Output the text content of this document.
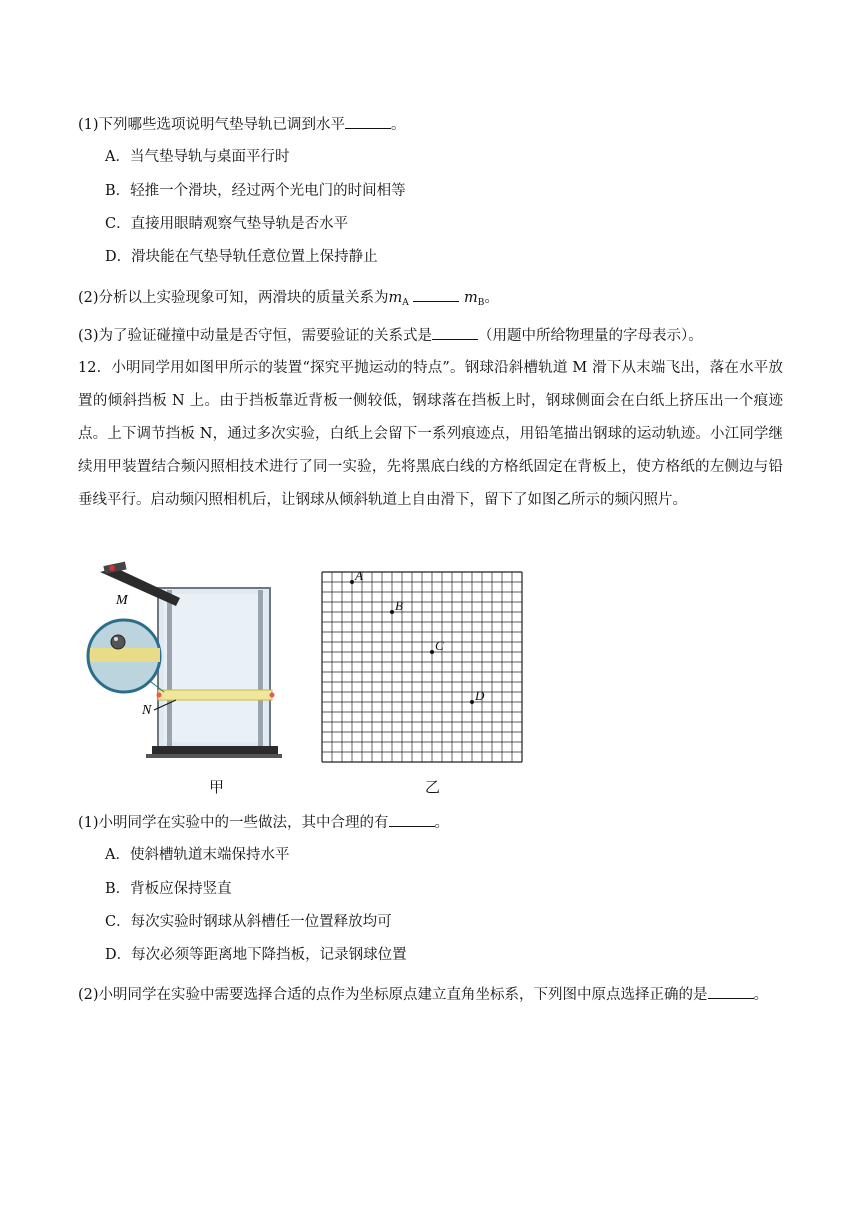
(1)下列哪些选项说明气垫导轨已调到水平	。
A．当气垫导轨与桌面平行时
B．轻推一个滑块，经过两个光电门的时间相等
C．直接用眼睛观察气垫导轨是否水平
D．滑块能在气垫导轨任意位置上保持静止
(2)分析以上实验现象可知，两滑块的质量关系为$m_A$	$m_B$。
(3)为了验证碰撞中动量是否守恒，需要验证的关系式是	（用题中所给物理量的字母表示）。
12．小明同学用如图甲所示的装置“探究平抛运动的特点”。钢球沿斜槽轨道 M 滑下从末端飞出，落在水平放置的倾斜挡板 N 上。由于挡板靠近背板一侧较低，钢球落在挡板上时，钢球侧面会在白纸上挤压出一个痕迹点。上下调节挡板 N，通过多次实验，白纸上会留下一系列痕迹点，用铅笔描出钢球的运动轨迹。小江同学继续用甲装置结合频闪照相技术进行了同一实验，先将黑底白线的方格纸固定在背板上，使方格纸的左侧边与铅垂线平行。启动频闪照相机后，让钢球从倾斜轨道上自由滑下，留下了如图乙所示的频闪照片。
M
N
甲
A
B
C
D
乙
(1)小明同学在实验中的一些做法，其中合理的有	。
A．使斜槽轨道末端保持水平
B．背板应保持竖直
C．每次实验时钢球从斜槽任一位置释放均可
D．每次必须等距离地下降挡板，记录钢球位置
(2)小明同学在实验中需要选择合适的点作为坐标原点建立直角坐标系，下列图中原点选择正确的是	。
